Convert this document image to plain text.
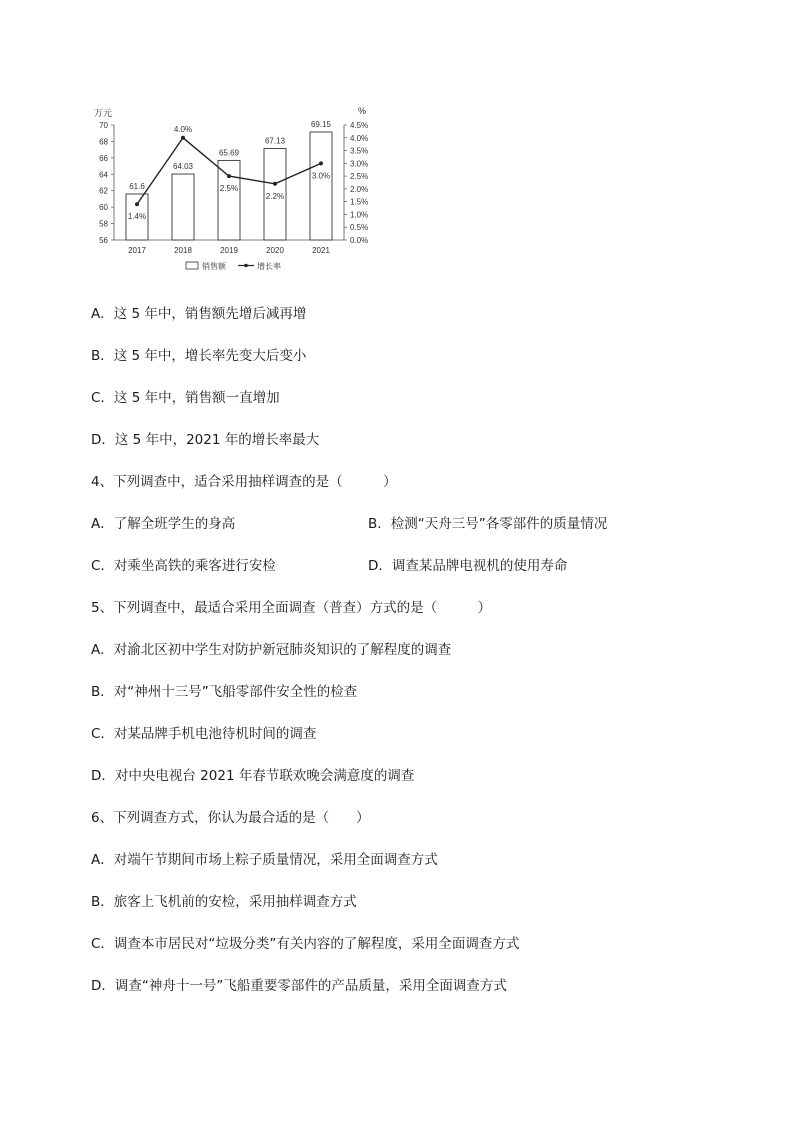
56
58
60
62
64
66
68
70
万元
0.0%
0.5%
1.0%
1.5%
2.0%
2.5%
3.0%
3.5%
4.0%
4.5%
%
2017	2018	2019	2020	2021
61.6
64.03
65.69
67.13
69.15
1.4%
4.0%
2.5%
2.2%
3.0%
销售额	增长率
A．这 5 年中，销售额先增后减再增
B．这 5 年中，增长率先变大后变小
C．这 5 年中，销售额一直增加
D．这 5 年中，2021 年的增长率最大
4、下列调查中，适合采用抽样调查的是（　　　）
A．了解全班学生的身高	B．检测“天舟三号”各零部件的质量情况
C．对乘坐高铁的乘客进行安检	D．调查某品牌电视机的使用寿命
5、下列调查中，最适合采用全面调查（普查）方式的是（　　　）
A．对渝北区初中学生对防护新冠肺炎知识的了解程度的调查
B．对“神州十三号”飞船零部件安全性的检查
C．对某品牌手机电池待机时间的调查
D．对中央电视台 2021 年春节联欢晚会满意度的调查
6、下列调查方式，你认为最合适的是（　　）
A．对端午节期间市场上粽子质量情况，采用全面调查方式
B．旅客上飞机前的安检，采用抽样调查方式
C．调查本市居民对“垃圾分类”有关内容的了解程度，采用全面调查方式
D．调查“神舟十一号”飞船重要零部件的产品质量，采用全面调查方式
